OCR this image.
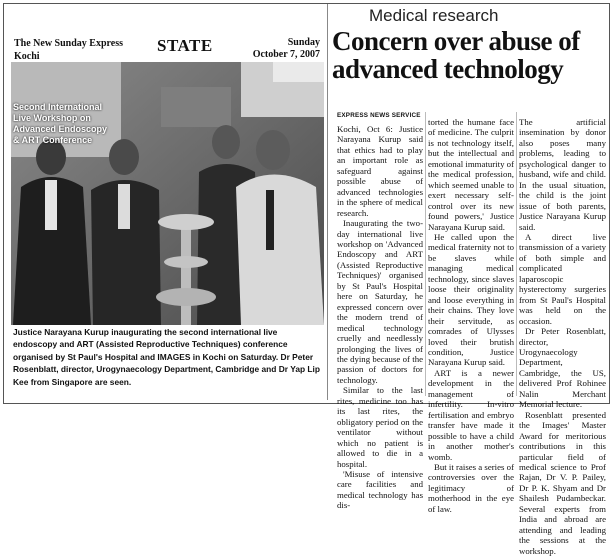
The New Sunday Express
Kochi
STATE	Sunday
October 7, 2007
Medical research
Concern over abuse of advanced technology
Second International Live Workshop on Advanced Endoscopy & ART Conference
Justice Narayana Kurup inaugurating the second international live endoscopy and ART (Assisted Reproductive Techniques) conference organised by St Paul's Hospital and IMAGES in Kochi on Saturday. Dr Peter Rosenblatt, director, Urogynaecology Department, Cambridge and Dr Yap Lip Kee from Singapore are seen.
EXPRESS NEWS SERVICE

Kochi, Oct 6: Justice Narayana Kurup said that ethics had to play an important role as safeguard against possible abuse of advanced technologies in the sphere of medical research.

Inaugurating the two-day international live workshop on 'Advanced Endoscopy and ART (Assisted Reproductive Techniques)' organised by St Paul's Hospital here on Saturday, he expressed concern over the modern trend of medical technology cruelly and needlessly prolonging the lives of the dying because of the passion of doctors for technology.

Similar to the last rites, medicine too has its last rites, the obligatory period on the ventilator without which no patient is allowed to die in a hospital.

'Misuse of intensive care facilities and medical technology has dis-

torted the humane face of medicine. The culprit is not technology itself, but the intellectual and emotional immaturity of the medical profession, which seemed unable to exert necessary self-control over its new found powers,' Justice Narayana Kurup said.

He called upon the medical fraternity not to be slaves while managing medical technology, since slaves loose their originality and loose everything in their chains. They love their servitude, as comrades of Ulysses loved their brutish condition, Justice Narayana Kurup said.

ART is a newer development in the management of infertility. In-vitro fertilisation and embryo transfer have made it possible to have a child in another mother's womb.

But it raises a series of controversies over the legitimacy of motherhood in the eye of law.

The artificial insemination by donor also poses many problems, leading to psychological danger to husband, wife and child. In the usual situation, the child is the joint issue of both parents, Justice Narayana Kurup said.

A direct live transmission of a variety of both simple and complicated laparoscopic hysterectomy surgeries from St Paul's Hospital was held on the occasion.

Dr Peter Rosenblatt, director, Urogynaecology Department, Cambridge, the US, delivered Prof Rohinee Nalin Merchant Memorial lecture.

Rosenblatt presented the Images' Master Award for meritorious contributions in this particular field of medical science to Prof Rajan, Dr V. P. Pailey, Dr P. K. Shyam and Dr Shailesh Pudambeckar. Several experts from India and abroad are attending and leading the sessions at the workshop.
